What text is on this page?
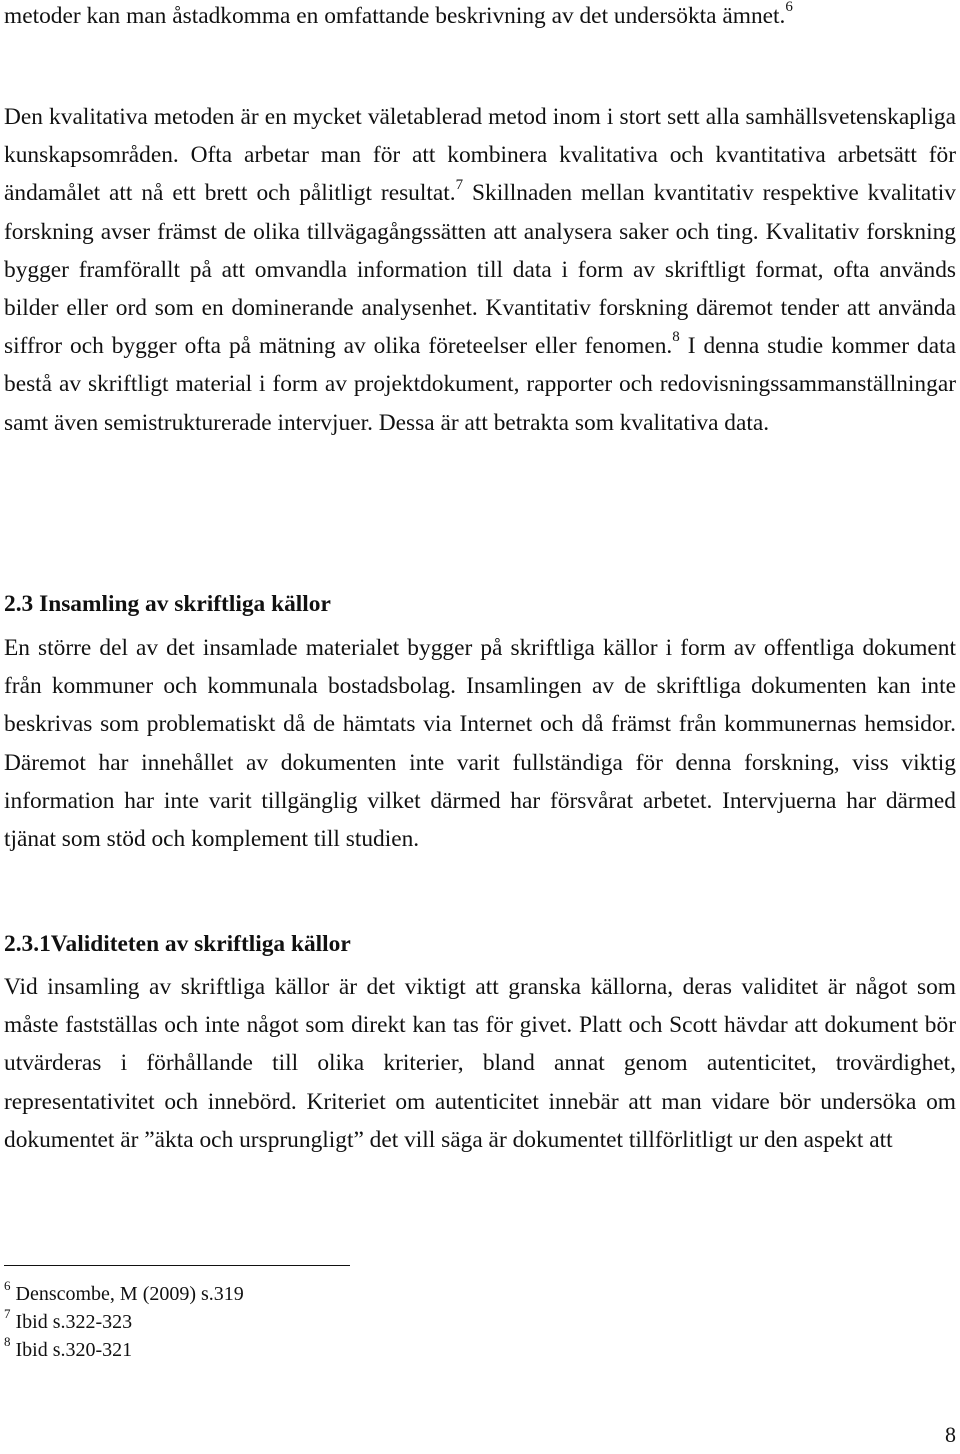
metoder kan man åstadkomma en omfattande beskrivning av det undersökta ämnet.$^6$

Den kvalitativa metoden är en mycket väletablerad metod inom i stort sett alla samhällsvetenskapliga kunskapsområden. Ofta arbetar man för att kombinera kvalitativa och kvantitativa arbetsätt för ändamålet att nå ett brett och pålitligt resultat.$^7$ Skillnaden mellan kvantitativ respektive kvalitativ forskning avser främst de olika tillvägagångssätten att analysera saker och ting. Kvalitativ forskning bygger framförallt på att omvandla information till data i form av skriftligt format, ofta används bilder eller ord som en dominerande analysenhet. Kvantitativ forskning däremot tender att använda siffror och bygger ofta på mätning av olika företeelser eller fenomen.$^8$ I denna studie kommer data bestå av skriftligt material i form av projektdokument, rapporter och redovisningssammanställningar samt även semistrukturerade intervjuer. Dessa är att betrakta som kvalitativa data.

2.3 Insamling av skriftliga källor

En större del av det insamlade materialet bygger på skriftliga källor i form av offentliga dokument från kommuner och kommunala bostadsbolag. Insamlingen av de skriftliga dokumenten kan inte beskrivas som problematiskt då de hämtats via Internet och då främst från kommunernas hemsidor. Däremot har innehållet av dokumenten inte varit fullständiga för denna forskning, viss viktig information har inte varit tillgänglig vilket därmed har försvårat arbetet. Intervjuerna har därmed tjänat som stöd och komplement till studien.

2.3.1Validiteten av skriftliga källor

Vid insamling av skriftliga källor är det viktigt att granska källorna, deras validitet är något som måste fastställas och inte något som direkt kan tas för givet. Platt och Scott hävdar att dokument bör utvärderas i förhållande till olika kriterier, bland annat genom autenticitet, trovärdighet, representativitet och innebörd. Kriteriet om autenticitet innebär att man vidare bör undersöka om dokumentet är ”äkta och ursprungligt” det vill säga är dokumentet tillförlitligt ur den aspekt att

$^6$ Denscombe, M (2009) s.319

$^7$ Ibid s.322-323

$^8$ Ibid s.320-321

8
